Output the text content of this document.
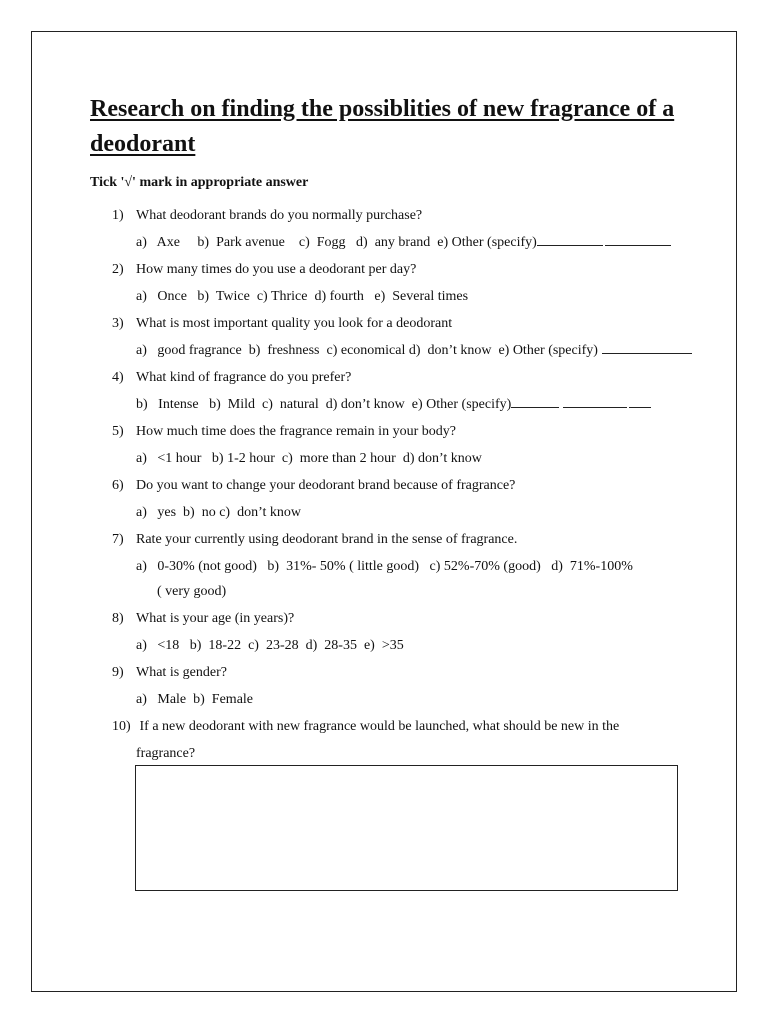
Research on finding the possiblities of new fragrance of a deodorant
Tick '√' mark in appropriate answer
1) What deodorant brands do you normally purchase?
a)   Axe     b)  Park avenue    c)  Fogg   d)  any brand  e) Other (specify)
2) How many times do you use a deodorant per day?
a)   Once   b)  Twice  c) Thrice  d) fourth   e)  Several times
3) What is most important quality you look for a deodorant
a)   good fragrance  b)  freshness  c) economical d)  don’t know  e) Other (specify)
4) What kind of fragrance do you prefer?
b)   Intense   b)  Mild  c)  natural  d) don’t know  e) Other (specify)
5) How much time does the fragrance remain in your body?
a)   <1 hour   b) 1-2 hour  c)  more than 2 hour  d) don’t know
6) Do you want to change your deodorant brand because of fragrance?
a)   yes  b)  no c)  don’t know
7) Rate your currently using deodorant brand in the sense of fragrance.
a)   0-30% (not good)   b)  31%- 50% ( little good)   c) 52%-70% (good)   d)  71%-100%
( very good)
8) What is your age (in years)?
a)   <18   b)  18-22  c)  23-28  d)  28-35  e)  >35
9) What is gender?
a)   Male  b)  Female
10) If a new deodorant with new fragrance would be launched, what should be new in the
fragrance?
